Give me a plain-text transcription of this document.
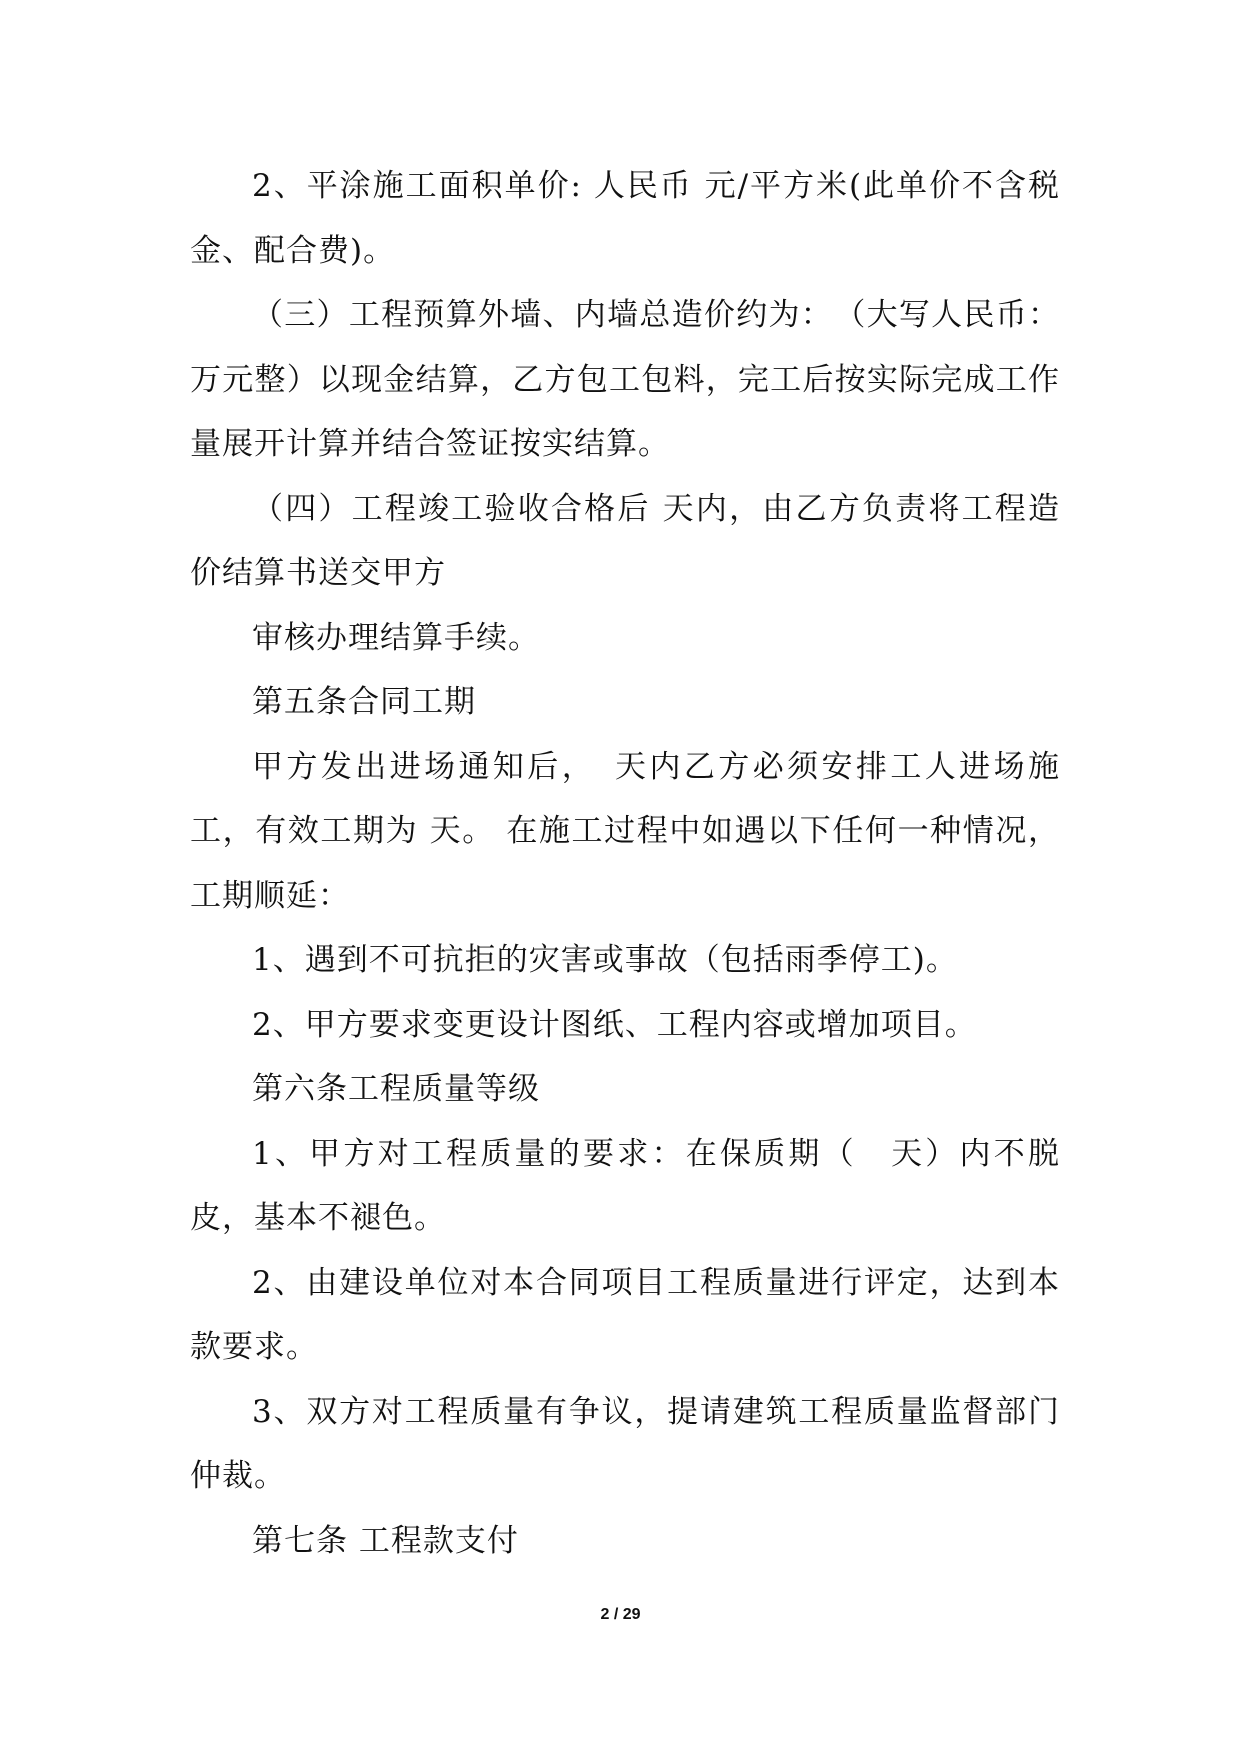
2、平涂施工面积单价: 人民币 元/平方米(此单价不含税金、配合费)。

（三）工程预算外墙、内墙总造价约为：　（大写人民币：万元整）以现金结算，乙方包工包料，完工后按实际完成工作量展开计算并结合签证按实结算。

（四）工程竣工验收合格后 天内，由乙方负责将工程造价结算书送交甲方

审核办理结算手续。

第五条合同工期

甲方发出进场通知后，　天内乙方必须安排工人进场施工，有效工期为 天。 在施工过程中如遇以下任何一种情况，工期顺延：

1、遇到不可抗拒的灾害或事故（包括雨季停工)。

2、甲方要求变更设计图纸、工程内容或增加项目。

第六条工程质量等级

1、甲方对工程质量的要求：在保质期（　天）内不脱皮，基本不褪色。

2、由建设单位对本合同项目工程质量进行评定，达到本款要求。

3、双方对工程质量有争议，提请建筑工程质量监督部门仲裁。

第七条 工程款支付

2 / 29
